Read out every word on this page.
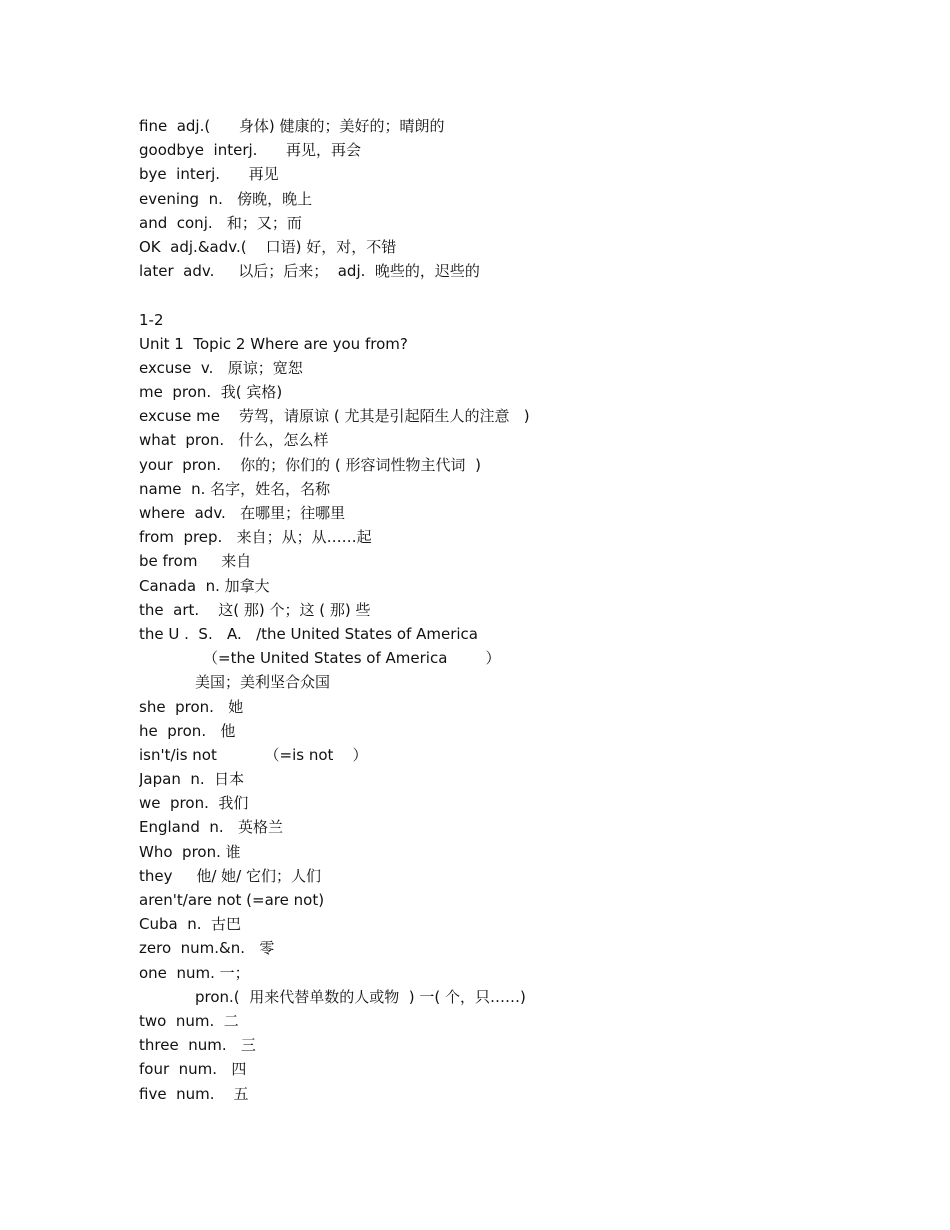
fine  adj.(      身体) 健康的；美好的；晴朗的
goodbye  interj.      再见，再会
bye  interj.      再见
evening  n.   傍晚，晚上
and  conj.   和；又；而
OK  adj.&adv.(    口语) 好，对，不错
later  adv.     以后；后来；  adj.  晚些的，迟些的
1-2
Unit 1  Topic 2 Where are you from?
excuse  v.   原谅；宽恕
me  pron.  我( 宾格)
excuse me    劳驾，请原谅 ( 尤其是引起陌生人的注意   )
what  pron.   什么，怎么样
your  pron.    你的；你们的 ( 形容词性物主代词  )
name  n. 名字，姓名，名称
where  adv.   在哪里；往哪里
from  prep.   来自；从；从……起
be from     来自
Canada  n. 加拿大
the  art.    这( 那) 个；这 ( 那) 些
the U .  S.   A.   /the United States of America
（=the United States of America        ）
美国；美利坚合众国
she  pron.   她
he  pron.   他
isn't/is not          （=is not    ）
Japan  n.  日本
we  pron.  我们
England  n.   英格兰
Who  pron. 谁
they     他/ 她/ 它们；人们
aren't/are not (=are not)
Cuba  n.  古巴
zero  num.&n.   零
one  num. 一；
pron.(  用来代替单数的人或物  ) 一( 个，只……)
two  num.  二
three  num.   三
four  num.   四
five  num.    五
